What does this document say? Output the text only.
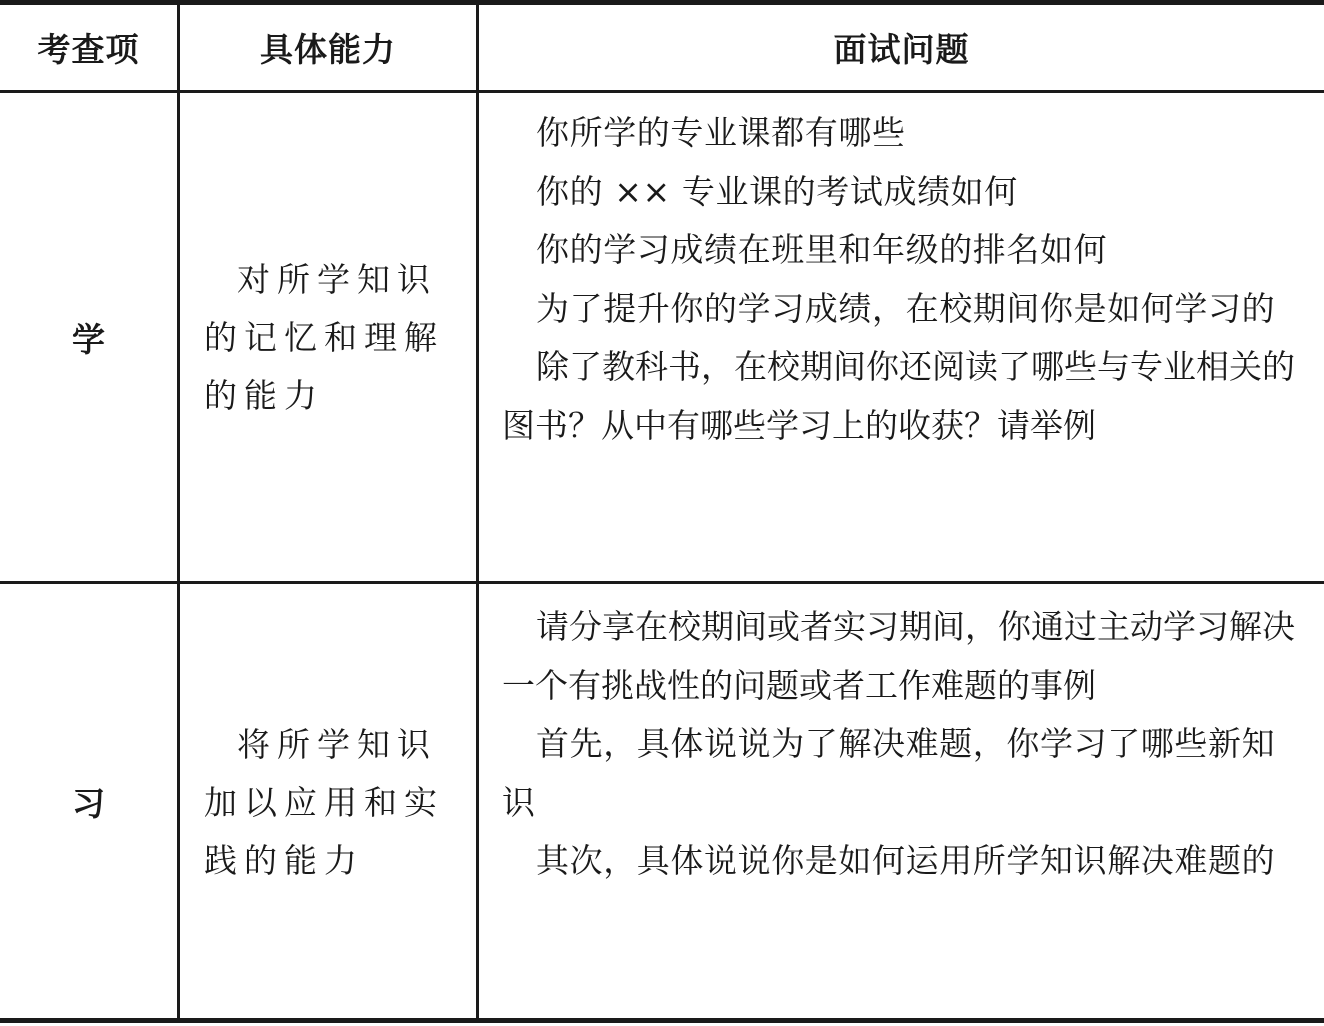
考查项	具体能力	面试问题
学
对所学知识的记忆和理解的能力

你所学的专业课都有哪些

你的 ×× 专业课的考试成绩如何

你的学习成绩在班里和年级的排名如何

为了提升你的学习成绩，在校期间你是如何学习的

除了教科书，在校期间你还阅读了哪些与专业相关的图书？从中有哪些学习上的收获？请举例

习
将所学知识加以应用和实践的能力

请分享在校期间或者实习期间，你通过主动学习解决一个有挑战性的问题或者工作难题的事例

首先，具体说说为了解决难题，你学习了哪些新知识

其次，具体说说你是如何运用所学知识解决难题的
